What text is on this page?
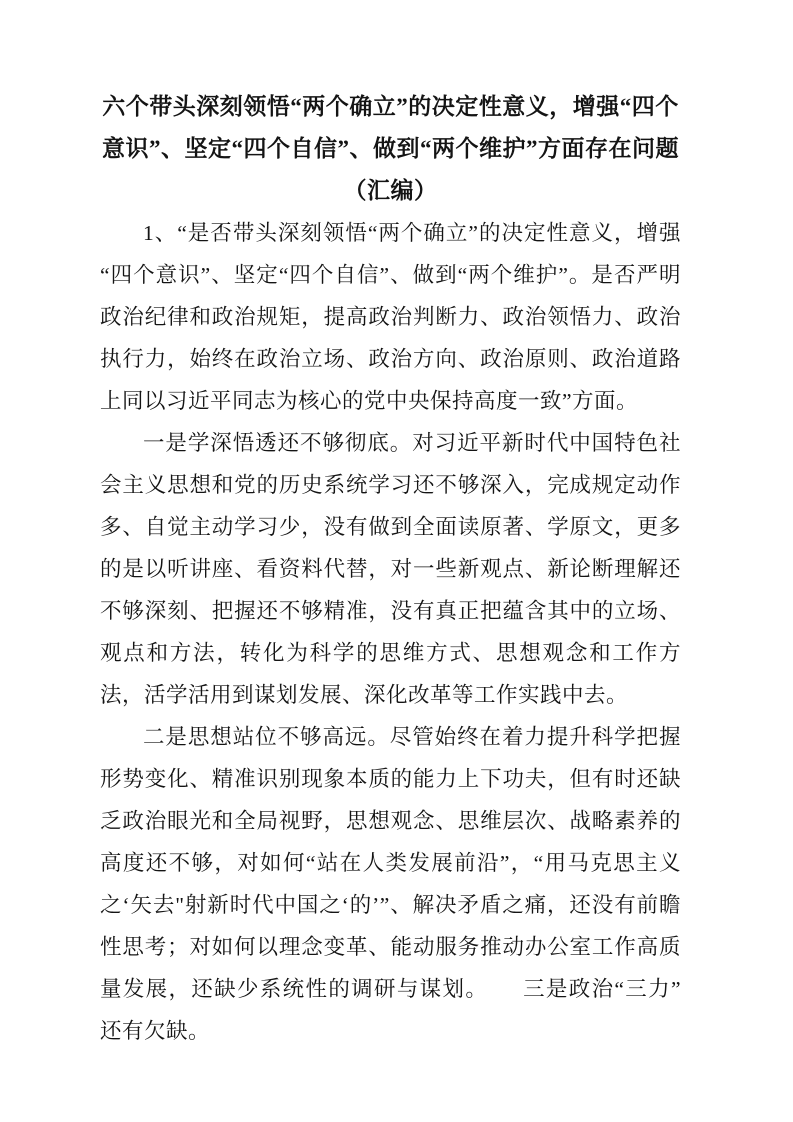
六个带头深刻领悟“两个确立”的决定性意义，增强“四个意识”、坚定“四个自信”、做到“两个维护”方面存在问题（汇编）

1、“是否带头深刻领悟“两个确立”的决定性意义，增强“四个意识”、坚定“四个自信”、做到“两个维护”。是否严明政治纪律和政治规矩，提高政治判断力、政治领悟力、政治执行力，始终在政治立场、政治方向、政治原则、政治道路上同以习近平同志为核心的党中央保持高度一致”方面。

一是学深悟透还不够彻底。对习近平新时代中国特色社会主义思想和党的历史系统学习还不够深入，完成规定动作多、自觉主动学习少，没有做到全面读原著、学原文，更多的是以听讲座、看资料代替，对一些新观点、新论断理解还不够深刻、把握还不够精准，没有真正把蕴含其中的立场、观点和方法，转化为科学的思维方式、思想观念和工作方法，活学活用到谋划发展、深化改革等工作实践中去。

二是思想站位不够高远。尽管始终在着力提升科学把握形势变化、精准识别现象本质的能力上下功夫，但有时还缺乏政治眼光和全局视野，思想观念、思维层次、战略素养的高度还不够，对如何“站在人类发展前沿”，“用马克思主义之‘矢去"射新时代中国之‘的’”、解决矛盾之痛，还没有前瞻性思考；对如何以理念变革、能动服务推动办公室工作高质量发展，还缺少系统性的调研与谋划。　　三是政治“三力”还有欠缺。
